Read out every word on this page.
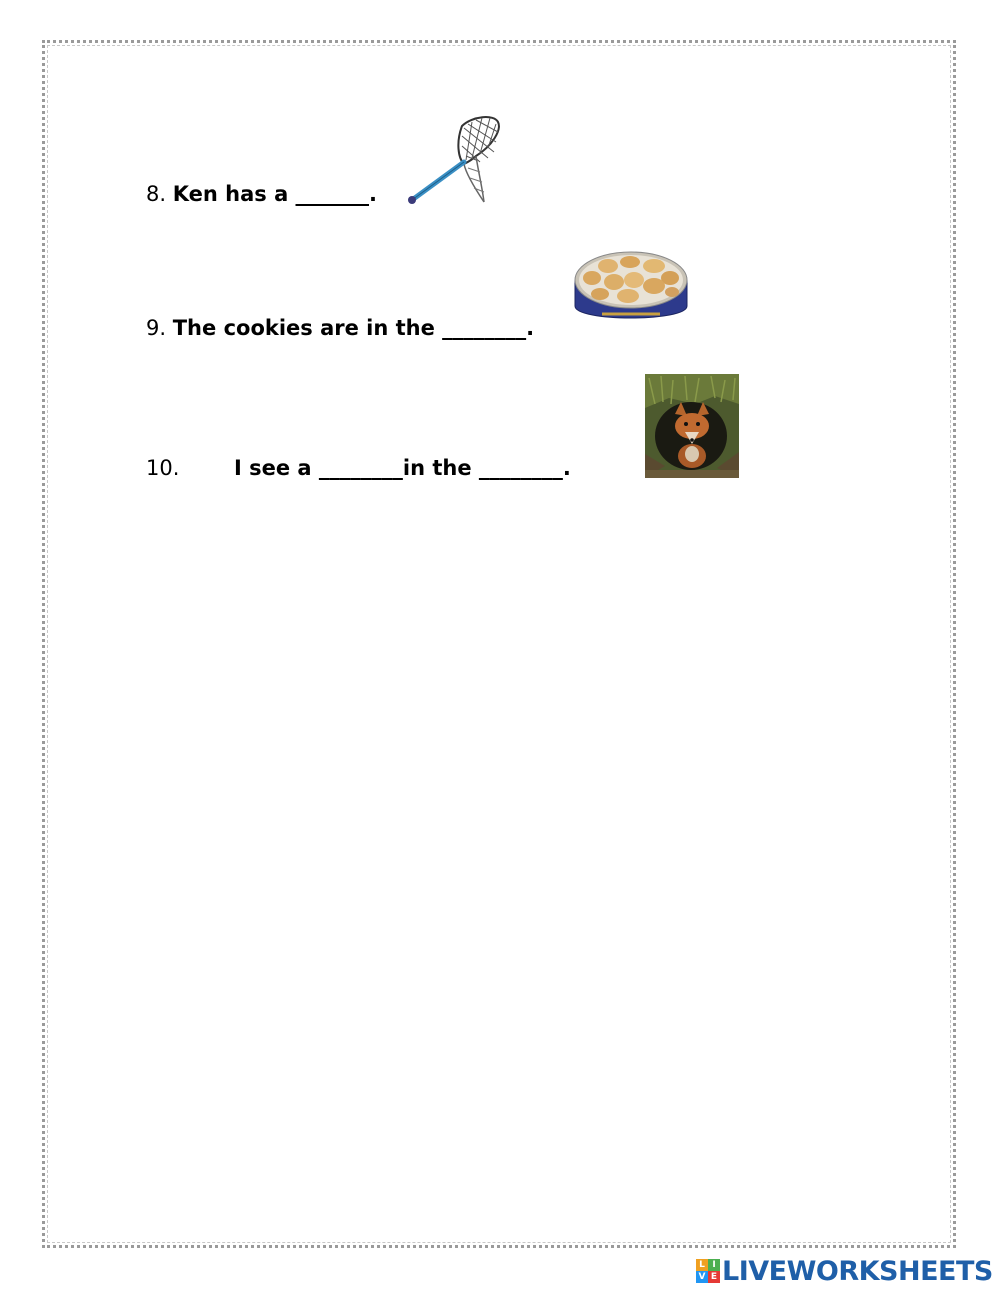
8. Ken has a _______.
9. The cookies are in the ________.
10.	I see a ________in the ________.
L I
V E LIVEWORKSHEETS
